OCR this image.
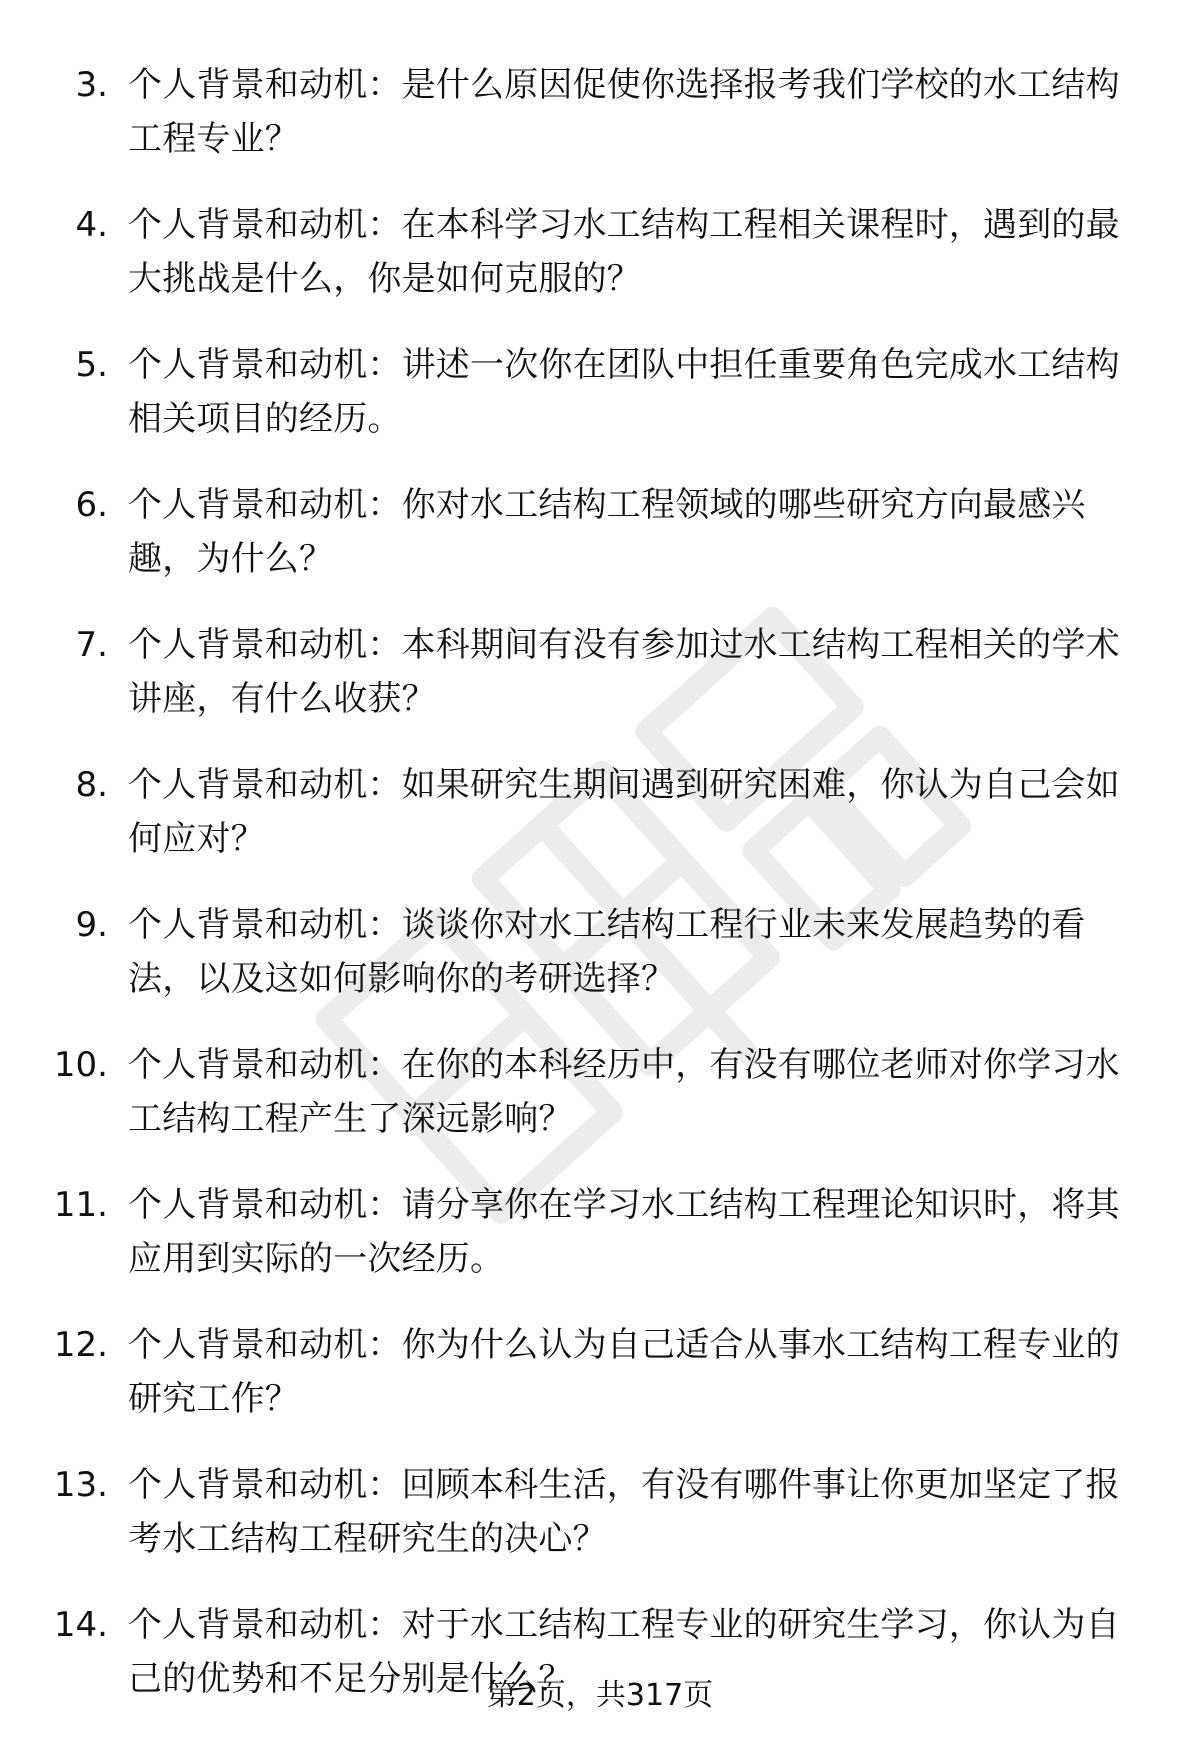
3. 个人背景和动机：是什么原因促使你选择报考我们学校的水工结构工程专业？
4. 个人背景和动机：在本科学习水工结构工程相关课程时，遇到的最大挑战是什么，你是如何克服的？
5. 个人背景和动机：讲述一次你在团队中担任重要角色完成水工结构相关项目的经历。
6. 个人背景和动机：你对水工结构工程领域的哪些研究方向最感兴趣，为什么？
7. 个人背景和动机：本科期间有没有参加过水工结构工程相关的学术讲座，有什么收获？
8. 个人背景和动机：如果研究生期间遇到研究困难，你认为自己会如何应对？
9. 个人背景和动机：谈谈你对水工结构工程行业未来发展趋势的看法，以及这如何影响你的考研选择？
10. 个人背景和动机：在你的本科经历中，有没有哪位老师对你学习水工结构工程产生了深远影响？
11. 个人背景和动机：请分享你在学习水工结构工程理论知识时，将其应用到实际的一次经历。
12. 个人背景和动机：你为什么认为自己适合从事水工结构工程专业的研究工作？
13. 个人背景和动机：回顾本科生活，有没有哪件事让你更加坚定了报考水工结构工程研究生的决心？
14. 个人背景和动机：对于水工结构工程专业的研究生学习，你认为自己的优势和不足分别是什么？
第2页，共317页
